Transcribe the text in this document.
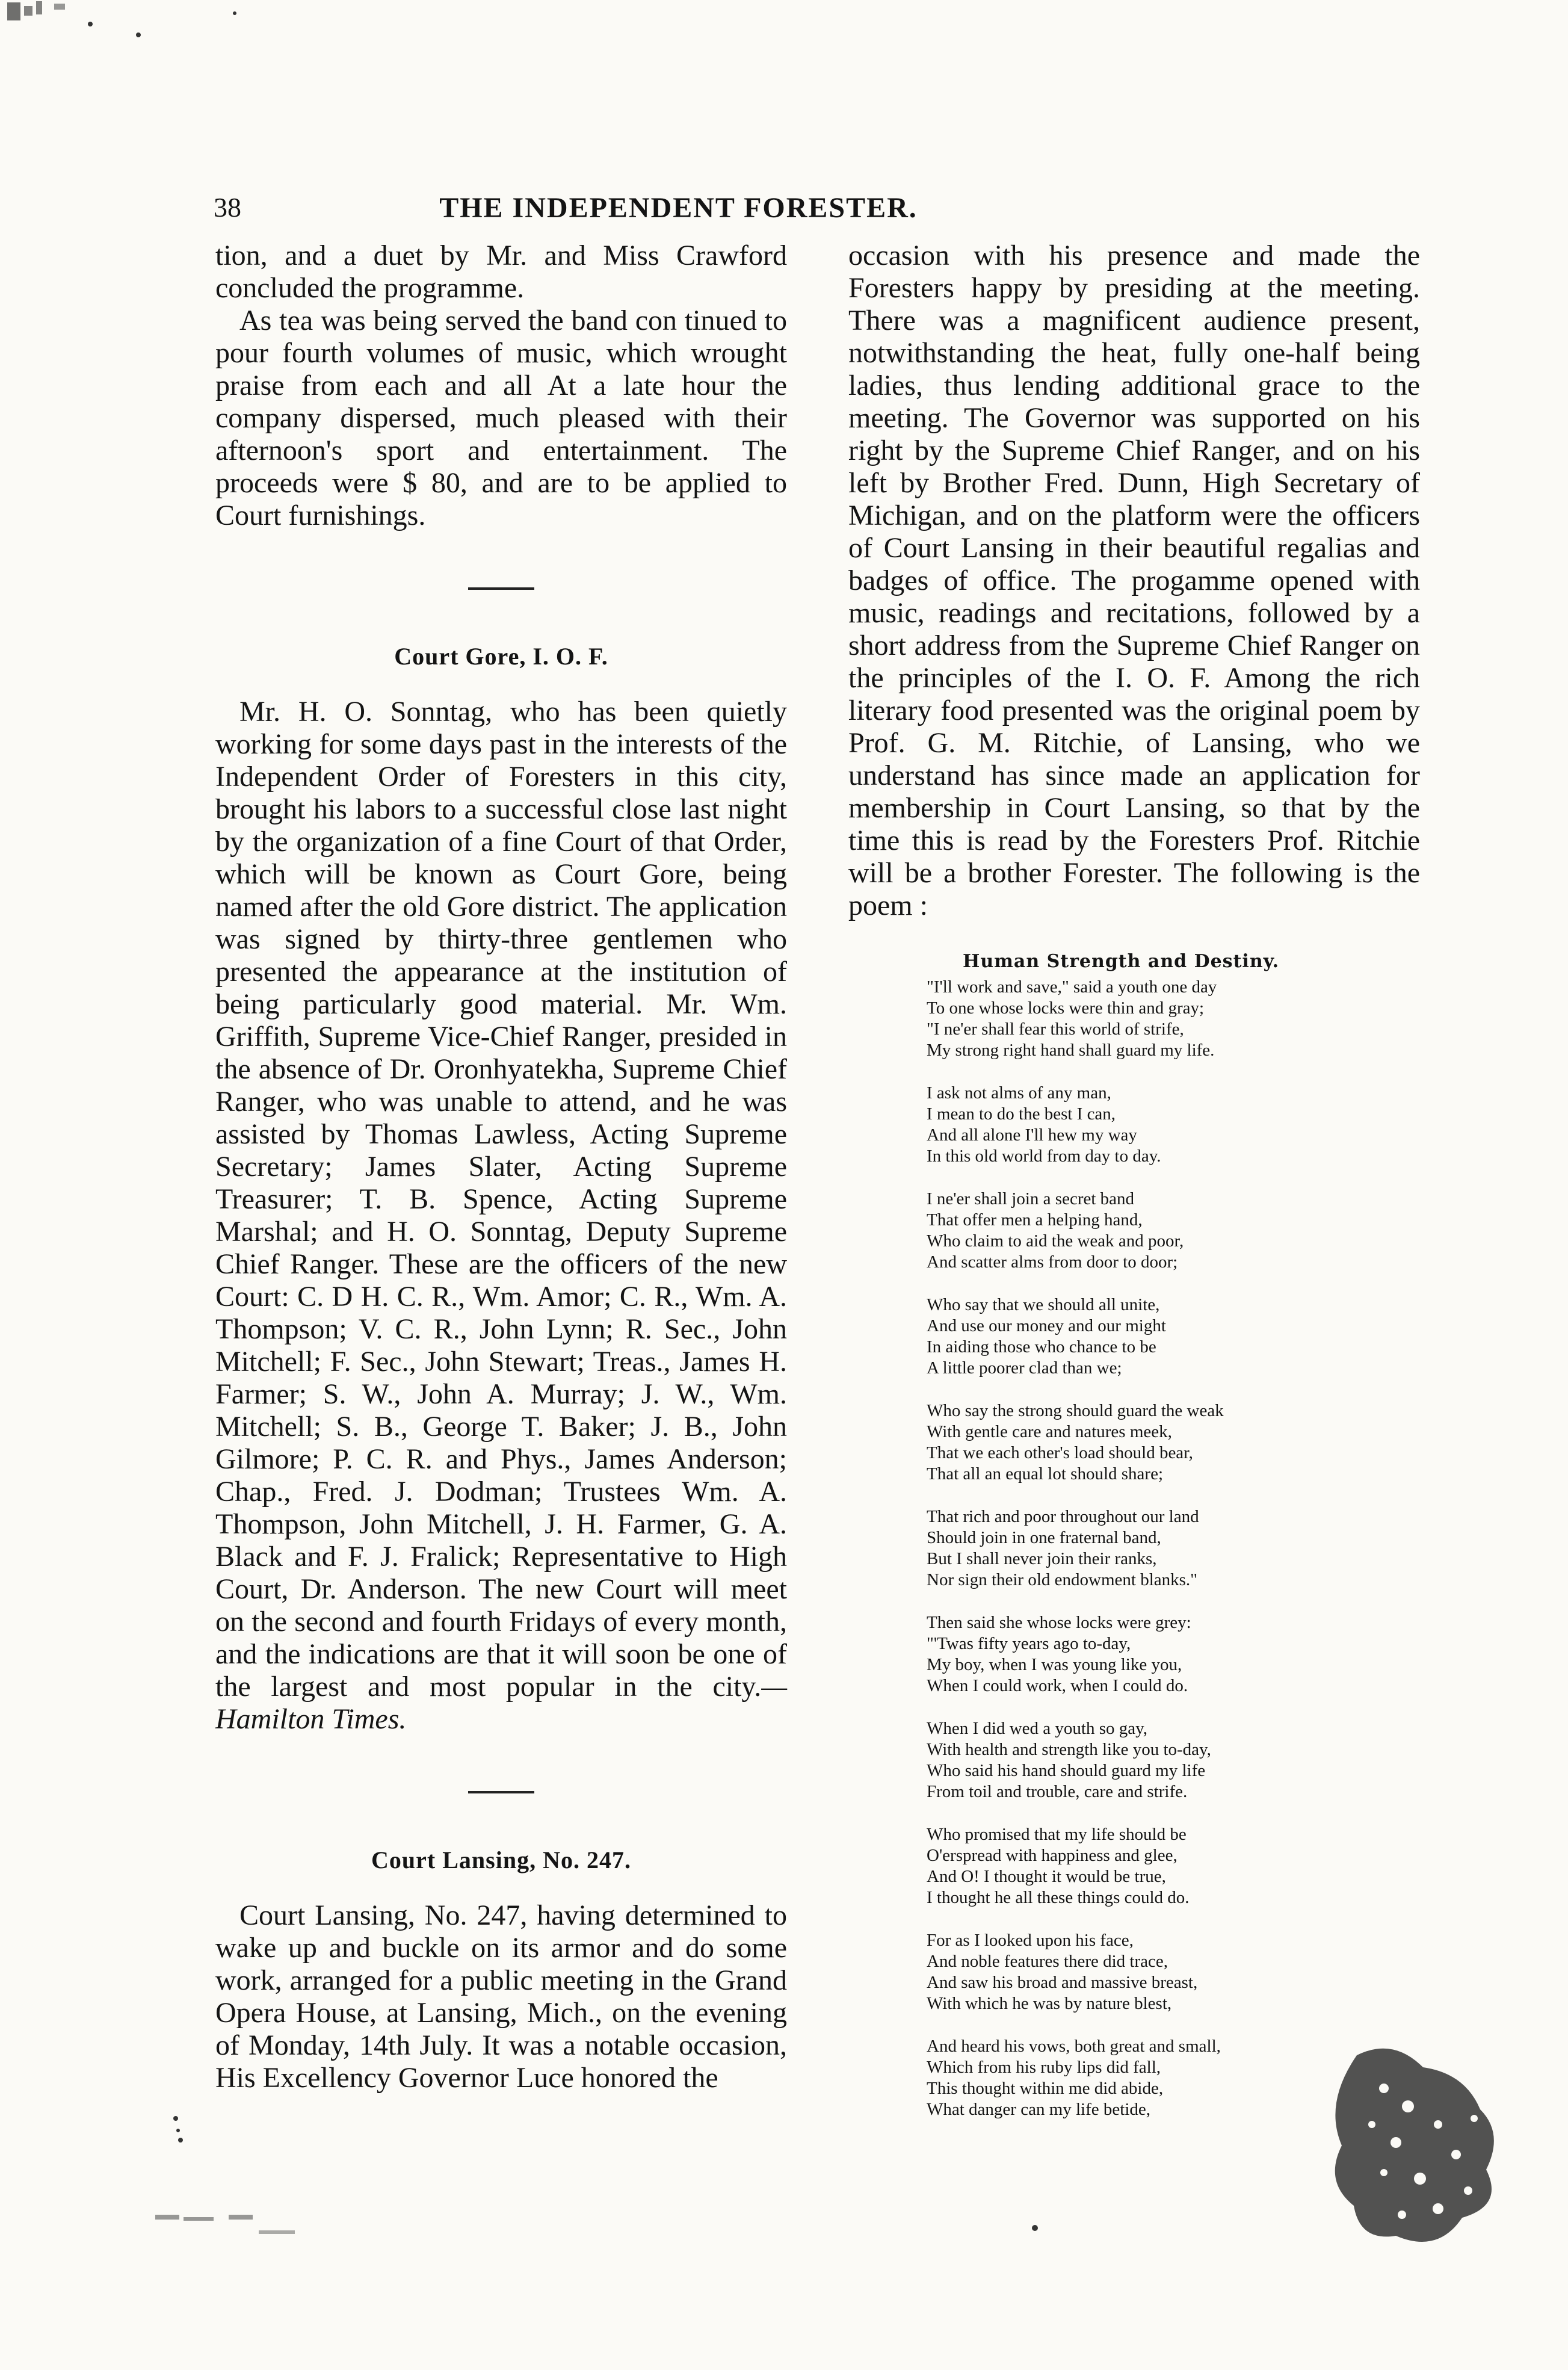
38	THE INDEPENDENT FORESTER.

tion, and a duet by Mr. and Miss Crawford concluded the programme.

As tea was being served the band con tinued to pour fourth volumes of music, which wrought praise from each and all At a late hour the company dispersed, much pleased with their afternoon's sport and entertainment. The proceeds were $ 80, and are to be applied to Court furnishings.

Court Gore, I. O. F.

Mr. H. O. Sonntag, who has been quietly working for some days past in the interests of the Independent Order of Foresters in this city, brought his labors to a successful close last night by the organization of a fine Court of that Order, which will be known as Court Gore, being named after the old Gore district. The application was signed by thirty-three gentlemen who presented the appearance at the institution of being particularly good material. Mr. Wm. Griffith, Supreme Vice-Chief Ranger, presided in the absence of Dr. Oronhyatekha, Supreme Chief Ranger, who was unable to attend, and he was assisted by Thomas Lawless, Acting Supreme Secretary; James Slater, Acting Supreme Treasurer; T. B. Spence, Acting Supreme Marshal; and H. O. Sonntag, Deputy Supreme Chief Ranger. These are the officers of the new Court: C. D H. C. R., Wm. Amor; C. R., Wm. A. Thompson; V. C. R., John Lynn; R. Sec., John Mitchell; F. Sec., John Stewart; Treas., James H. Farmer; S. W., John A. Murray; J. W., Wm. Mitchell; S. B., George T. Baker; J. B., John Gilmore; P. C. R. and Phys., James Anderson; Chap., Fred. J. Dodman; Trustees Wm. A. Thompson, John Mitchell, J. H. Farmer, G. A. Black and F. J. Fralick; Representative to High Court, Dr. Anderson. The new Court will meet on the second and fourth Fridays of every month, and the indications are that it will soon be one of the largest and most popular in the city.—Hamilton Times.

Court Lansing, No. 247.

Court Lansing, No. 247, having determined to wake up and buckle on its armor and do some work, arranged for a public meeting in the Grand Opera House, at Lansing, Mich., on the evening of Monday, 14th July. It was a notable occasion, His Excellency Governor Luce honored the

occasion with his presence and made the Foresters happy by presiding at the meeting. There was a magnificent audience present, notwithstanding the heat, fully one-half being ladies, thus lending additional grace to the meeting. The Governor was supported on his right by the Supreme Chief Ranger, and on his left by Brother Fred. Dunn, High Secretary of Michigan, and on the platform were the officers of Court Lansing in their beautiful regalias and badges of office. The progamme opened with music, readings and recitations, followed by a short address from the Supreme Chief Ranger on the principles of the I. O. F. Among the rich literary food presented was the original poem by Prof. G. M. Ritchie, of Lansing, who we understand has since made an application for membership in Court Lansing, so that by the time this is read by the Foresters Prof. Ritchie will be a brother Forester. The following is the poem :

Human Strength and Destiny.
"I'll work and save," said a youth one day
To one whose locks were thin and gray;
"I ne'er shall fear this world of strife,
My strong right hand shall guard my life.
I ask not alms of any man,
I mean to do the best I can,
And all alone I'll hew my way
In this old world from day to day.
I ne'er shall join a secret band
That offer men a helping hand,
Who claim to aid the weak and poor,
And scatter alms from door to door;
Who say that we should all unite,
And use our money and our might
In aiding those who chance to be
A little poorer clad than we;
Who say the strong should guard the weak
With gentle care and natures meek,
That we each other's load should bear,
That all an equal lot should share;
That rich and poor throughout our land
Should join in one fraternal band,
But I shall never join their ranks,
Nor sign their old endowment blanks."
Then said she whose locks were grey:
"'Twas fifty years ago to-day,
My boy, when I was young like you,
When I could work, when I could do.
When I did wed a youth so gay,
With health and strength like you to-day,
Who said his hand should guard my life
From toil and trouble, care and strife.
Who promised that my life should be
O'erspread with happiness and glee,
And O! I thought it would be true,
I thought he all these things could do.
For as I looked upon his face,
And noble features there did trace,
And saw his broad and massive breast,
With which he was by nature blest,
And heard his vows, both great and small,
Which from his ruby lips did fall,
This thought within me did abide,
What danger can my life betide,
